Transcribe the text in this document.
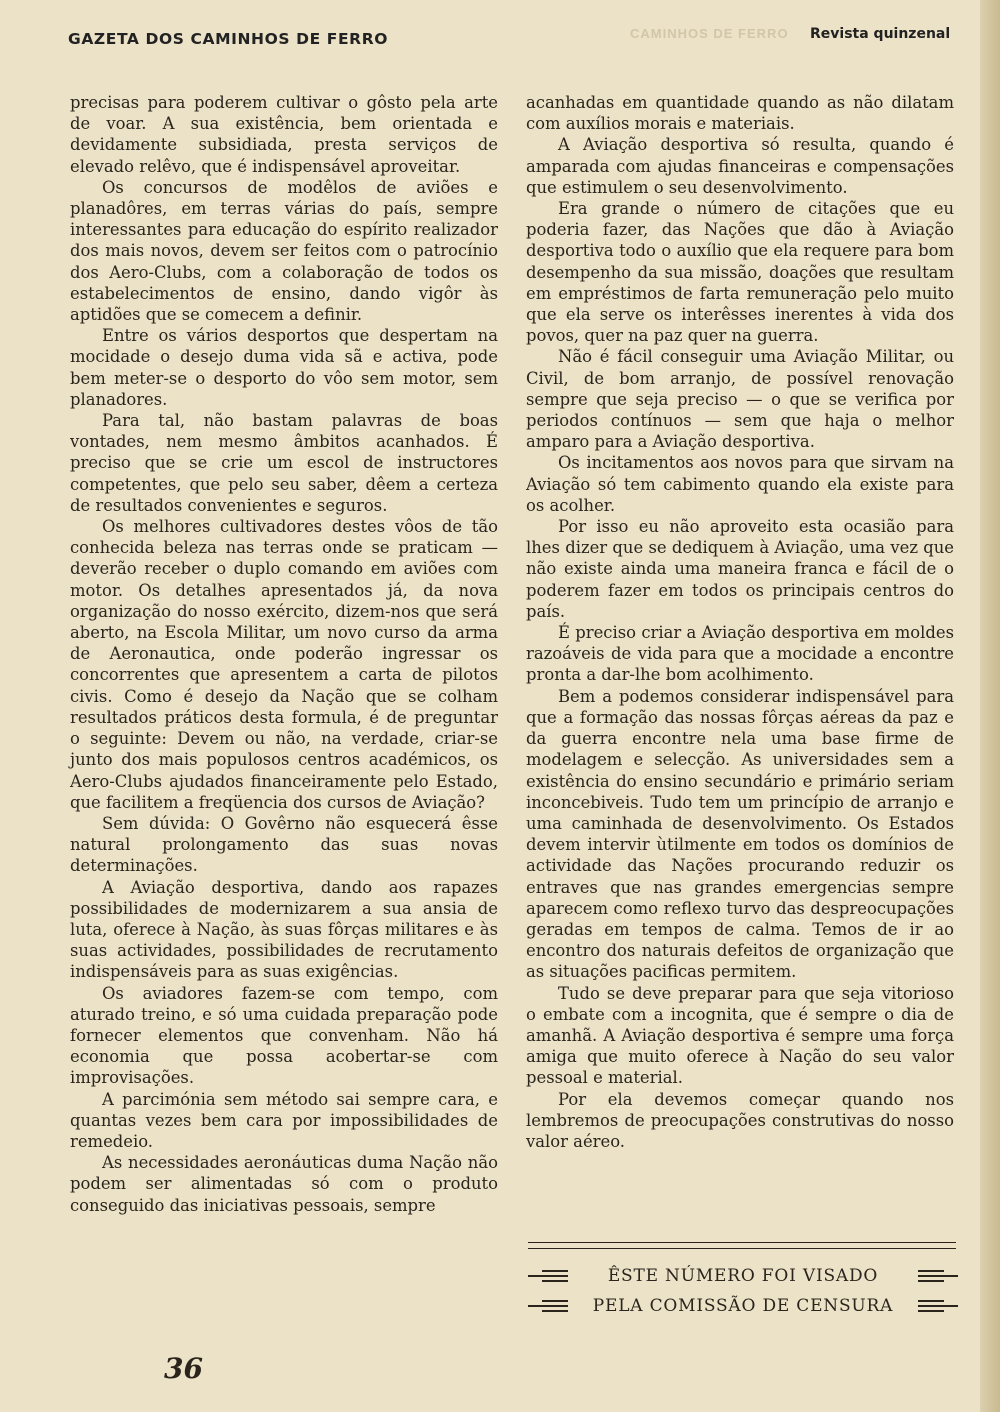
CAMINHOS DE FERRO
GAZETA DOS CAMINHOS DE FERRO	Revista quinzenal

precisas para poderem cultivar o gôsto pela arte de voar. A sua existência, bem orientada e devidamente subsidiada, presta serviços de elevado relêvo, que é indispensável aproveitar.

Os concursos de modêlos de aviões e planadôres, em terras várias do país, sempre interessantes para educação do espírito realizador dos mais novos, devem ser feitos com o patrocínio dos Aero-Clubs, com a colaboração de todos os estabelecimentos de ensino, dando vigôr às aptidões que se comecem a definir.

Entre os vários desportos que despertam na mocidade o desejo duma vida sã e activa, pode bem meter-se o desporto do vôo sem motor, sem planadores.

Para tal, não bastam palavras de boas vontades, nem mesmo âmbitos acanhados. É preciso que se crie um escol de instructores competentes, que pelo seu saber, dêem a certeza de resultados convenientes e seguros.

Os melhores cultivadores destes vôos de tão conhecida beleza nas terras onde se praticam — deverão receber o duplo comando em aviões com motor. Os detalhes apresentados já, da nova organização do nosso exército, dizem-nos que será aberto, na Escola Militar, um novo curso da arma de Aeronautica, onde poderão ingressar os concorrentes que apresentem a carta de pilotos civis. Como é desejo da Nação que se colham resultados práticos desta formula, é de preguntar o seguinte: Devem ou não, na verdade, criar-se junto dos mais populosos centros académicos, os Aero-Clubs ajudados financeiramente pelo Estado, que facilitem a freqüencia dos cursos de Aviação?

Sem dúvida: O Govêrno não esquecerá êsse natural prolongamento das suas novas determinações.

A Aviação desportiva, dando aos rapazes possibilidades de modernizarem a sua ansia de luta, oferece à Nação, às suas fôrças militares e às suas actividades, possibilidades de recrutamento indispensáveis para as suas exigências.

Os aviadores fazem-se com tempo, com aturado treino, e só uma cuidada preparação pode fornecer elementos que convenham. Não há economia que possa acobertar-se com improvisações.

A parcimónia sem método sai sempre cara, e quantas vezes bem cara por impossibilidades de remedeio.

As necessidades aeronáuticas duma Nação não podem ser alimentadas só com o produto conseguido das iniciativas pessoais, sempre

acanhadas em quantidade quando as não dilatam com auxílios morais e materiais.

A Aviação desportiva só resulta, quando é amparada com ajudas financeiras e compensações que estimulem o seu desenvolvimento.

Era grande o número de citações que eu poderia fazer, das Nações que dão à Aviação desportiva todo o auxílio que ela requere para bom desempenho da sua missão, doações que resultam em empréstimos de farta remuneração pelo muito que ela serve os interêsses inerentes à vida dos povos, quer na paz quer na guerra.

Não é fácil conseguir uma Aviação Militar, ou Civil, de bom arranjo, de possível renovação sempre que seja preciso — o que se verifica por periodos contínuos — sem que haja o melhor amparo para a Aviação desportiva.

Os incitamentos aos novos para que sirvam na Aviação só tem cabimento quando ela existe para os acolher.

Por isso eu não aproveito esta ocasião para lhes dizer que se dediquem à Aviação, uma vez que não existe ainda uma maneira franca e fácil de o poderem fazer em todos os principais centros do país.

É preciso criar a Aviação desportiva em moldes razoáveis de vida para que a mocidade a encontre pronta a dar-lhe bom acolhimento.

Bem a podemos considerar indispensável para que a formação das nossas fôrças aéreas da paz e da guerra encontre nela uma base firme de modelagem e selecção. As universidades sem a existência do ensino secundário e primário seriam inconcebiveis. Tudo tem um princípio de arranjo e uma caminhada de desenvolvimento. Os Estados devem intervir ùtilmente em todos os domínios de actividade das Nações procurando reduzir os entraves que nas grandes emergencias sempre aparecem como reflexo turvo das despreocupações geradas em tempos de calma. Temos de ir ao encontro dos naturais defeitos de organização que as situações pacificas permitem.

Tudo se deve preparar para que seja vitorioso o embate com a incognita, que é sempre o dia de amanhã. A Aviação desportiva é sempre uma força amiga que muito oferece à Nação do seu valor pessoal e material.

Por ela devemos começar quando nos lembremos de preocupações construtivas do nosso valor aéreo.

ÊSTE NÚMERO FOI VISADO
PELA COMISSÃO DE CENSURA
36
